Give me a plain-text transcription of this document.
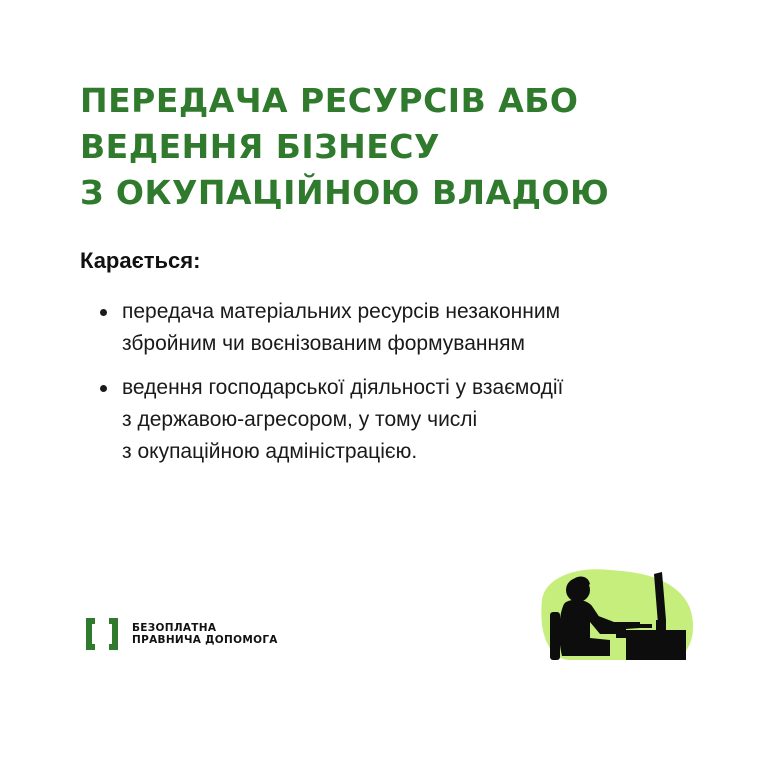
ПЕРЕДАЧА РЕСУРСІВ АБО
ВЕДЕННЯ БІЗНЕСУ
З ОКУПАЦІЙНОЮ ВЛАДОЮ

Карається:

передача матеріальних ресурсів незаконним
збройним чи воєнізованим формуванням
ведення господарської діяльності у взаємодії
з державою-агресором, у тому числі
з окупаційною адміністрацією.
БЕЗОПЛАТНА
ПРАВНИЧА ДОПОМОГА
